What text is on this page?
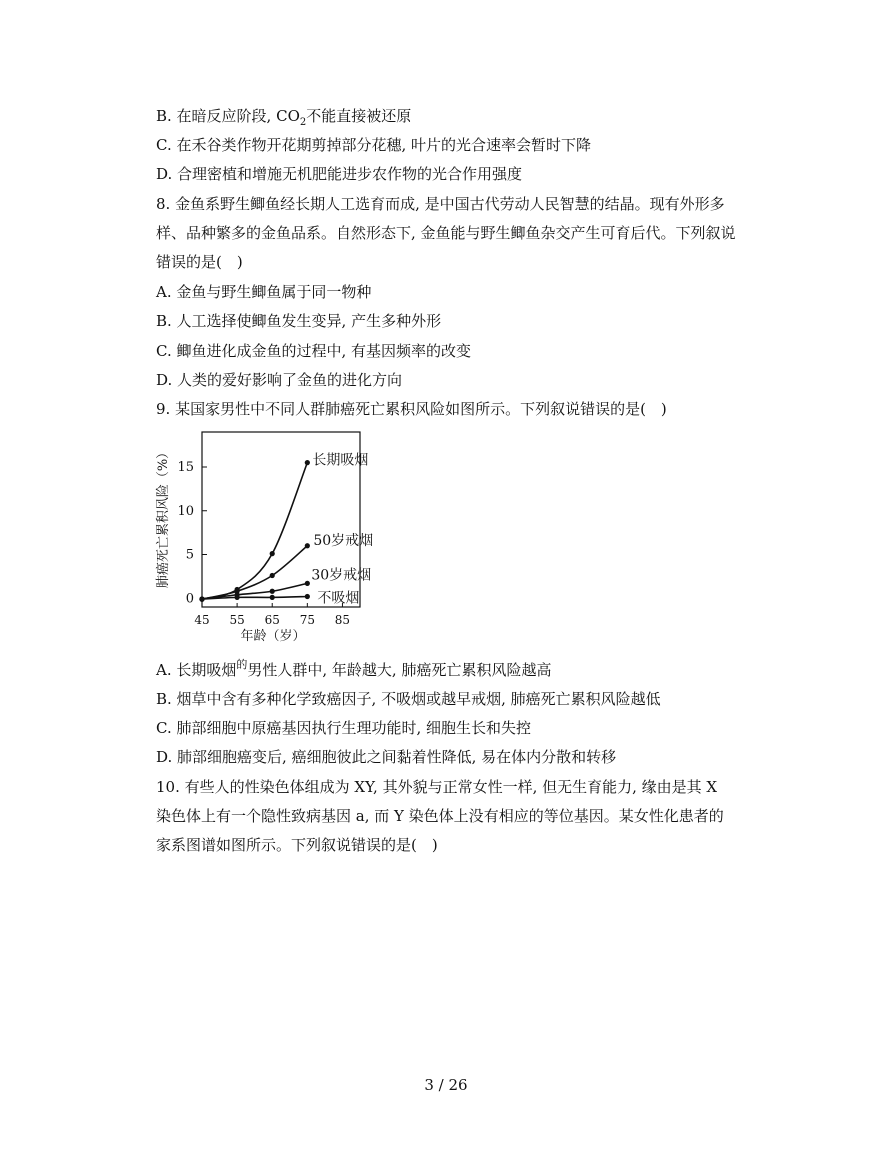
B. 在暗反应阶段, $CO_2$不能直接被还原
C. 在禾谷类作物开花期剪掉部分花穗, 叶片的光合速率会暂时下降
D. 合理密植和增施无机肥能进步农作物的光合作用强度
8. 金鱼系野生鲫鱼经长期人工选育而成, 是中国古代劳动人民智慧的结晶。现有外形多
样、品种繁多的金鱼品系。自然形态下, 金鱼能与野生鲫鱼杂交产生可育后代。下列叙说
错误的是(　)
A. 金鱼与野生鲫鱼属于同一物种
B. 人工选择使鲫鱼发生变异, 产生多种外形
C. 鲫鱼进化成金鱼的过程中, 有基因频率的改变
D. 人类的爱好影响了金鱼的进化方向
9. 某国家男性中不同人群肺癌死亡累积风险如图所示。下列叙说错误的是(　)
0
5
10
15
45 55 65 75 85
长期吸烟
50岁戒烟
30岁戒烟
不吸烟
肺癌死亡累积风险（%）
年龄（岁）
A. 长期吸烟$^的$男性人群中, 年龄越大, 肺癌死亡累积风险越高
B. 烟草中含有多种化学致癌因子, 不吸烟或越早戒烟, 肺癌死亡累积风险越低
C. 肺部细胞中原癌基因执行生理功能时, 细胞生长和失控
D. 肺部细胞癌变后, 癌细胞彼此之间黏着性降低, 易在体内分散和转移
10. 有些人的性染色体组成为 XY, 其外貌与正常女性一样, 但无生育能力, 缘由是其 X
染色体上有一个隐性致病基因 a, 而 Y 染色体上没有相应的等位基因。某女性化患者的
家系图谱如图所示。下列叙说错误的是(　)
3 / 26
